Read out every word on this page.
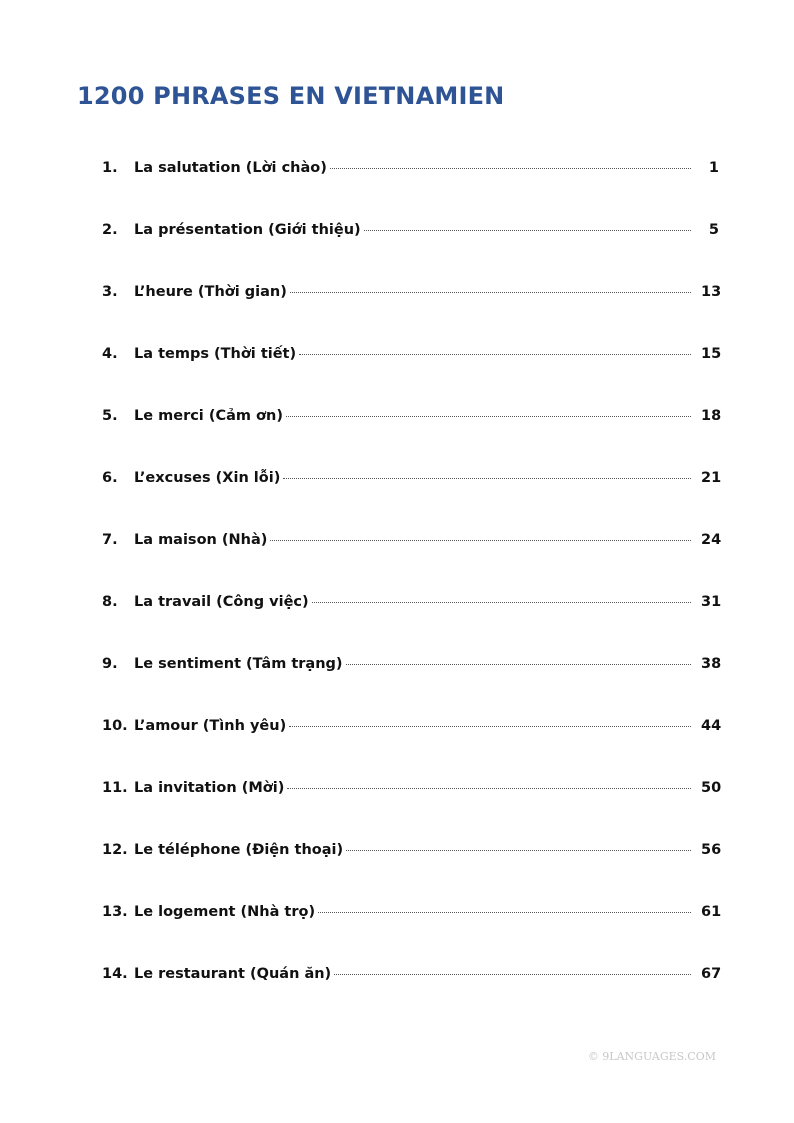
1200 PHRASES EN VIETNAMIEN
1.	La salutation (Lời chào)	1
2.	La présentation (Giới thiệu)	5
3.	L’heure (Thời gian)	13
4.	La temps (Thời tiết)	15
5.	Le merci (Cảm ơn)	18
6.	L’excuses (Xin lỗi)	21
7.	La maison (Nhà)	24
8.	La travail (Công việc)	31
9.	Le sentiment (Tâm trạng)	38
10. L’amour (Tình yêu)	44
11. La invitation (Mời)	50
12. Le téléphone (Điện thoại)	56
13. Le logement (Nhà trọ)	61
14. Le restaurant (Quán ăn)	67
© 9LANGUAGES.COM
